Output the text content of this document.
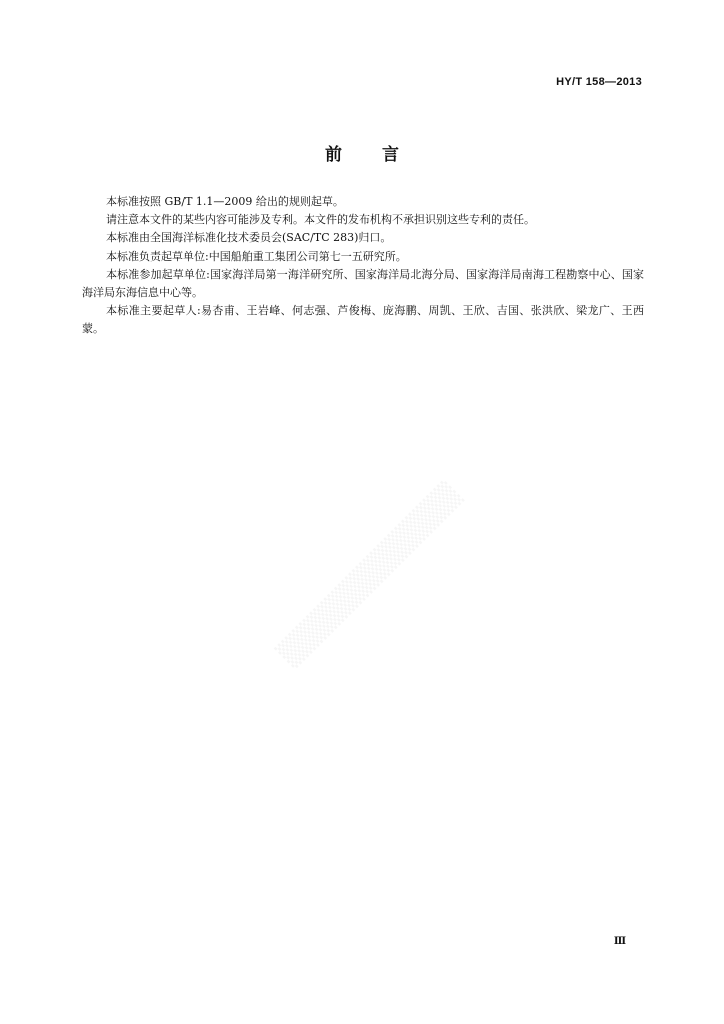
HY/T 158—2013
前 言

本标准按照 GB/T 1.1—2009 给出的规则起草。

请注意本文件的某些内容可能涉及专利。本文件的发布机构不承担识别这些专利的责任。

本标准由全国海洋标准化技术委员会(SAC/TC 283)归口。

本标准负责起草单位:中国船舶重工集团公司第七一五研究所。

本标准参加起草单位:国家海洋局第一海洋研究所、国家海洋局北海分局、国家海洋局南海工程勘察中心、国家海洋局东海信息中心等。

本标准主要起草人:易杏甫、王岩峰、何志强、芦俊梅、庞海鹏、周凯、王欣、吉国、张洪欣、梁龙广、王西蒙。

Ⅲ
